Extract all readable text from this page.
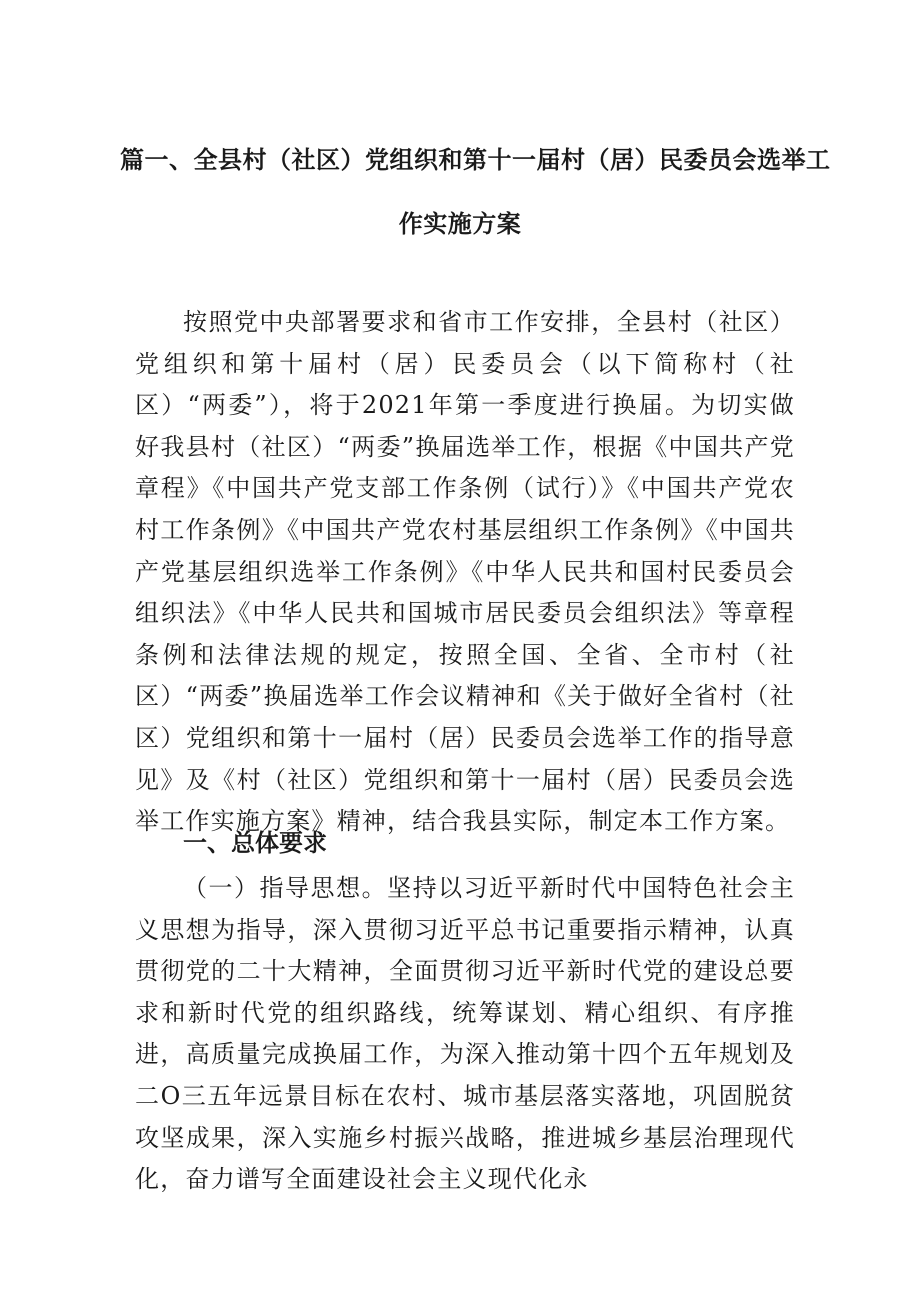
篇一、全县村（社区）党组织和第十一届村（居）民委员会选举工
作实施方案

按照党中央部署要求和省市工作安排，全县村（社区）党组织和第十届村（居）民委员会（以下简称村（社区）“两委”），将于2021年第一季度进行换届。为切实做好我县村（社区）“两委”换届选举工作，根据《中国共产党章程》《中国共产党支部工作条例（试行）》《中国共产党农村工作条例》《中国共产党农村基层组织工作条例》《中国共产党基层组织选举工作条例》《中华人民共和国村民委员会组织法》《中华人民共和国城市居民委员会组织法》等章程条例和法律法规的规定，按照全国、全省、全市村（社区）“两委”换届选举工作会议精神和《关于做好全省村（社区）党组织和第十一届村（居）民委员会选举工作的指导意见》及《村（社区）党组织和第十一届村（居）民委员会选举工作实施方案》精神，结合我县实际，制定本工作方案。

一、总体要求

（一）指导思想。坚持以习近平新时代中国特色社会主义思想为指导，深入贯彻习近平总书记重要指示精神，认真贯彻党的二十大精神，全面贯彻习近平新时代党的建设总要求和新时代党的组织路线，统筹谋划、精心组织、有序推进，高质量完成换届工作，为深入推动第十四个五年规划及二O三五年远景目标在农村、城市基层落实落地，巩固脱贫攻坚成果，深入实施乡村振兴战略，推进城乡基层治理现代化，奋力谱写全面建设社会主义现代化永
